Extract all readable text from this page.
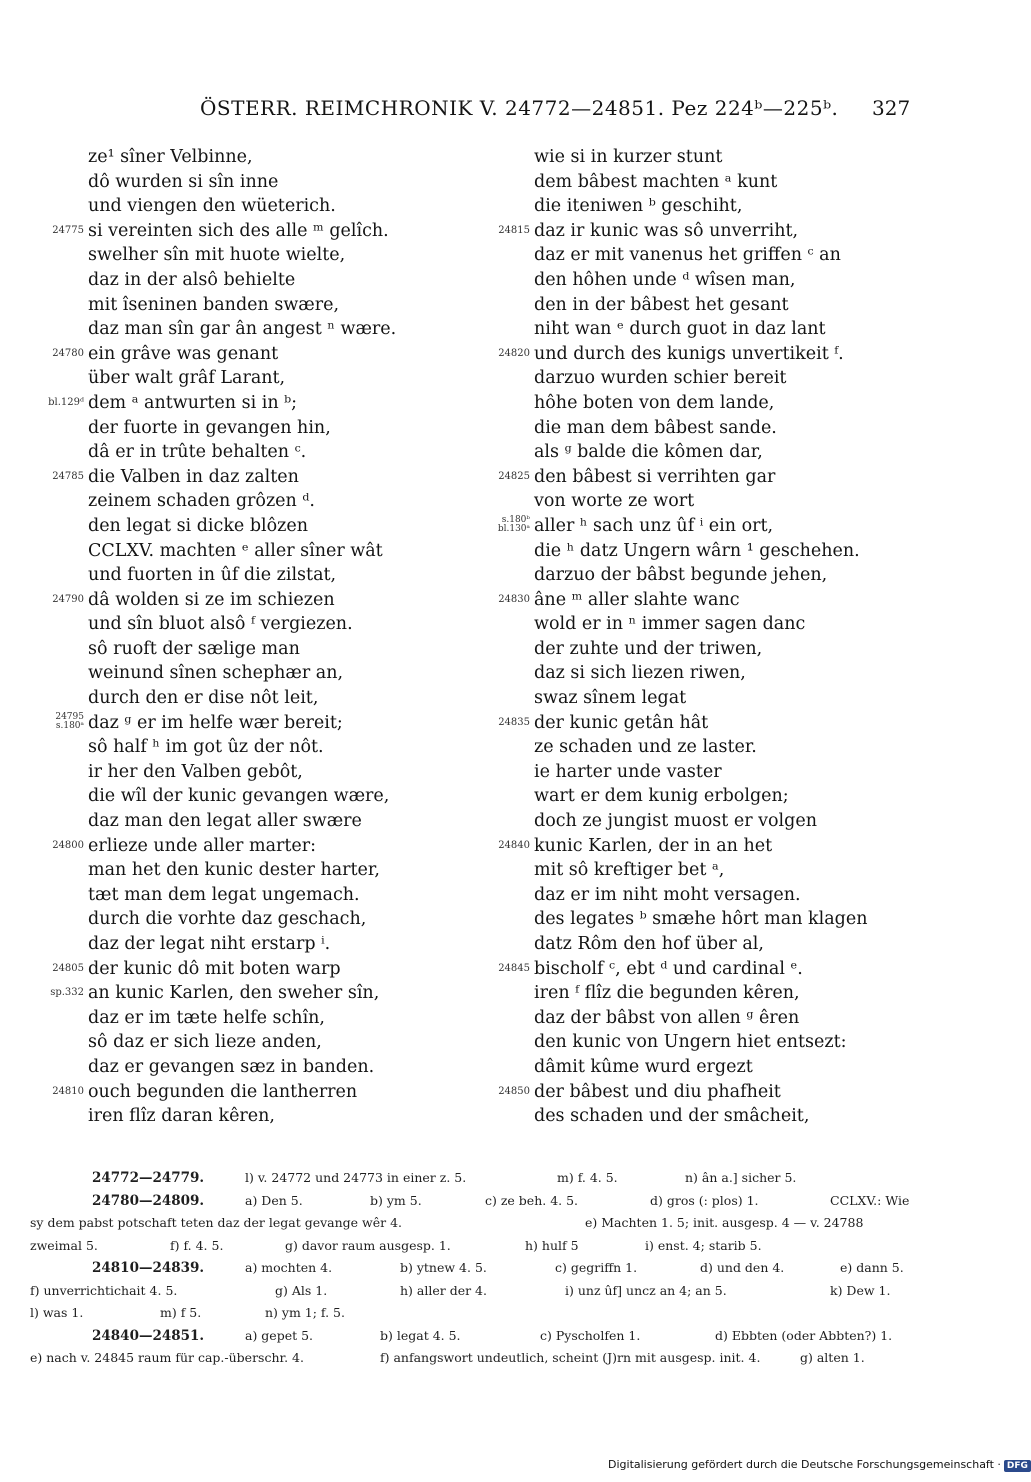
ÖSTERR. REIMCHRONIK V. 24772—24851. Pez 224ᵇ—225ᵇ. 327
ze¹ sîner Velbinne,
dô wurden si sîn inne
und viengen den wüeterich.
24775 si vereinten sich des alle ᵐ gelîch.
swelher sîn mit huote wielte,
daz in der alsô behielte
mit îseninen banden swære,
daz man sîn gar ân angest ⁿ wære.
24780 ein grâve was genant
über walt grâf Larant,
bl.129ᵈ dem ᵃ antwurten si in ᵇ;
der fuorte in gevangen hin,
dâ er in trûte behalten ᶜ.
24785 die Valben in daz zalten
zeinem schaden grôzen ᵈ.
den legat si dicke blôzen
CCLXV. machten ᵉ aller sîner wât
und fuorten in ûf die zilstat,
24790 dâ wolden si ze im schiezen
und sîn bluot alsô ᶠ vergiezen.
sô ruoft der sælige man
weinund sînen schephær an,
durch den er dise nôt leit,
24795
s.180ᵃ daz ᵍ er im helfe wær bereit;
sô half ʰ im got ûz der nôt.
ir her den Valben gebôt,
die wîl der kunic gevangen wære,
daz man den legat aller swære
24800 erlieze unde aller marter:
man het den kunic dester harter,
tæt man dem legat ungemach.
durch die vorhte daz geschach,
daz der legat niht erstarp ⁱ.
24805 der kunic dô mit boten warp
sp.332 an kunic Karlen, den sweher sîn,
daz er im tæte helfe schîn,
sô daz er sich lieze anden,
daz er gevangen sæz in banden.
24810 ouch begunden die lantherren
iren flîz daran kêren,
wie si in kurzer stunt
dem bâbest machten ᵃ kunt
die iteniwen ᵇ geschiht,
24815 daz ir kunic was sô unverriht,
daz er mit vanenus het griffen ᶜ an
den hôhen unde ᵈ wîsen man,
den in der bâbest het gesant
niht wan ᵉ durch guot in daz lant
24820 und durch des kunigs unvertikeit ᶠ.
darzuo wurden schier bereit
hôhe boten von dem lande,
die man dem bâbest sande.
als ᵍ balde die kômen dar,
24825 den bâbest si verrihten gar
von worte ze wort
s.180ᵇ
bl.130ᵃ aller ʰ sach unz ûf ⁱ ein ort,
die ʰ datz Ungern wârn ¹ geschehen.
darzuo der bâbst begunde jehen,
24830 âne ᵐ aller slahte wanc
wold er in ⁿ immer sagen danc
der zuhte und der triwen,
daz si sich liezen riwen,
swaz sînem legat
24835 der kunic getân hât
ze schaden und ze laster.
ie harter unde vaster
wart er dem kunig erbolgen;
doch ze jungist muost er volgen
24840 kunic Karlen, der in an het
mit sô kreftiger bet ᵃ,
daz er im niht moht versagen.
des legates ᵇ smæhe hôrt man klagen
datz Rôm den hof über al,
24845 bischolf ᶜ, ebt ᵈ und cardinal ᵉ.
iren ᶠ flîz die begunden kêren,
daz der bâbst von allen ᵍ êren
den kunic von Ungern hiet entsezt:
dâmit kûme wurd ergezt
24850 der bâbest und diu phafheit
des schaden und der smâcheit,
24772—24779.	l) v. 24772 und 24773 in einer z. 5.	m) f. 4. 5.	n) ân a.] sicher 5.
24780—24809.	a) Den 5.	b) ym 5.	c) ze beh. 4. 5.	d) gros (: plos) 1.	CCLXV.: Wie
sy dem pabst potschaft teten daz der legat gevange wêr 4.	e) Machten 1. 5; init. ausgesp. 4 — v. 24788
zweimal 5.	f) f. 4. 5.	g) davor raum ausgesp. 1.	h) hulf 5	i) enst. 4; starib 5.
24810—24839.	a) mochten 4.	b) ytnew 4. 5.	c) gegriffn 1.	d) und den 4.	e) dann 5.
f) unverrichtichait 4. 5.	g) Als 1.	h) aller der 4.	i) unz ûf] uncz an 4; an 5.	k) Dew 1.
l) was 1.	m) f 5.	n) ym 1; f. 5.
24840—24851.	a) gepet 5.	b) legat 4. 5.	c) Pyscholfen 1.	d) Ebbten (oder Abbten?) 1.
e) nach v. 24845 raum für cap.-überschr. 4.	f) anfangswort undeutlich, scheint (J)rn mit ausgesp. init. 4.	g) alten 1.
Digitalisierung gefördert durch die Deutsche Forschungsgemeinschaft · DFG
